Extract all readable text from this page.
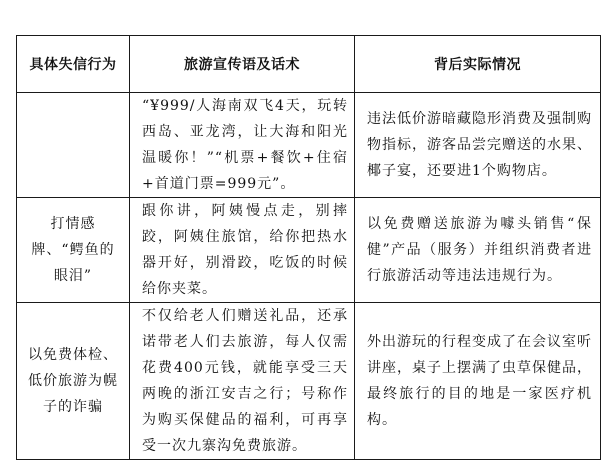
具体失信行为	旅游宣传语及话术	背后实际情况

	“¥999/人海南双飞4天，玩转西岛、亚龙湾，让大海和阳光温暖你！”“机票+餐饮+住宿+首道门票=999元”。	违法低价游暗藏隐形消费及强制购物指标，游客品尝完赠送的水果、椰子宴，还要进1个购物店。

打情感牌、“鳄鱼的眼泪”	跟你讲，阿姨慢点走，别摔跤，阿姨住旅馆，给你把热水器开好，别滑跤，吃饭的时候给你夹菜。	以免费赠送旅游为噱头销售“保健”产品（服务）并组织消费者进行旅游活动等违法违规行为。

以免费体检、低价旅游为幌子的诈骗	不仅给老人们赠送礼品，还承诺带老人们去旅游，每人仅需花费400元钱，就能享受三天两晚的浙江安吉之行；号称作为购买保健品的福利，可再享受一次九寨沟免费旅游。	外出游玩的行程变成了在会议室听讲座，桌子上摆满了虫草保健品，最终旅行的目的地是一家医疗机构。
